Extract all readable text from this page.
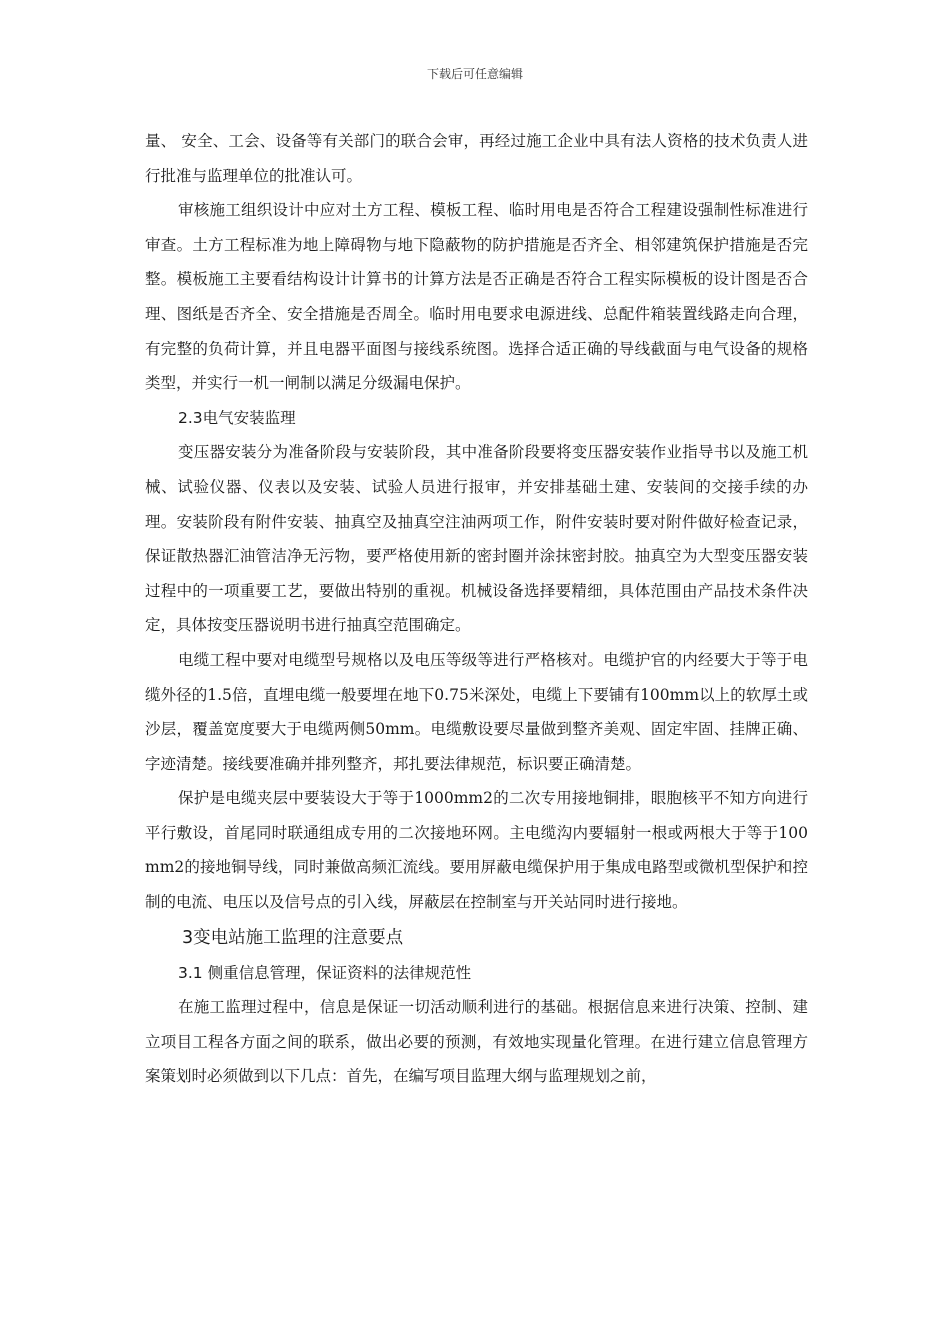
下载后可任意编辑

量、 安全、工会、设备等有关部门的联合会审，再经过施工企业中具有法人资格的技术负责人进行批准与监理单位的批准认可。

审核施工组织设计中应对土方工程、模板工程、临时用电是否符合工程建设强制性标准进行审查。土方工程标准为地上障碍物与地下隐蔽物的防护措施是否齐全、相邻建筑保护措施是否完整。模板施工主要看结构设计计算书的计算方法是否正确是否符合工程实际模板的设计图是否合理、图纸是否齐全、安全措施是否周全。临时用电要求电源进线、总配件箱装置线路走向合理，有完整的负荷计算，并且电器平面图与接线系统图。选择合适正确的导线截面与电气设备的规格类型，并实行一机一闸制以满足分级漏电保护。

2.3电气安装监理

变压器安装分为准备阶段与安装阶段，其中准备阶段要将变压器安装作业指导书以及施工机械、试验仪器、仪表以及安装、试验人员进行报审，并安排基础土建、安装间的交接手续的办理。安装阶段有附件安装、抽真空及抽真空注油两项工作，附件安装时要对附件做好检查记录，保证散热器汇油管洁净无污物，要严格使用新的密封圈并涂抹密封胶。抽真空为大型变压器安装过程中的一项重要工艺，要做出特别的重视。机械设备选择要精细，具体范围由产品技术条件决定，具体按变压器说明书进行抽真空范围确定。

电缆工程中要对电缆型号规格以及电压等级等进行严格核对。电缆护官的内经要大于等于电缆外径的1.5倍，直埋电缆一般要埋在地下0.75米深处，电缆上下要铺有100mm以上的软厚土或沙层，覆盖宽度要大于电缆两侧50mm。电缆敷设要尽量做到整齐美观、固定牢固、挂牌正确、字迹清楚。接线要准确并排列整齐，邦扎要法律规范，标识要正确清楚。

保护是电缆夹层中要装设大于等于1000mm2的二次专用接地铜排，眼胞核平不知方向进行平行敷设，首尾同时联通组成专用的二次接地环网。主电缆沟内要辐射一根或两根大于等于100mm2的接地铜导线，同时兼做高频汇流线。要用屏蔽电缆保护用于集成电路型或微机型保护和控制的电流、电压以及信号点的引入线，屏蔽层在控制室与开关站同时进行接地。

3变电站施工监理的注意要点
3.1 侧重信息管理，保证资料的法律规范性

在施工监理过程中，信息是保证一切活动顺利进行的基础。根据信息来进行决策、控制、建立项目工程各方面之间的联系，做出必要的预测，有效地实现量化管理。在进行建立信息管理方案策划时必须做到以下几点：首先，在编写项目监理大纲与监理规划之前，
